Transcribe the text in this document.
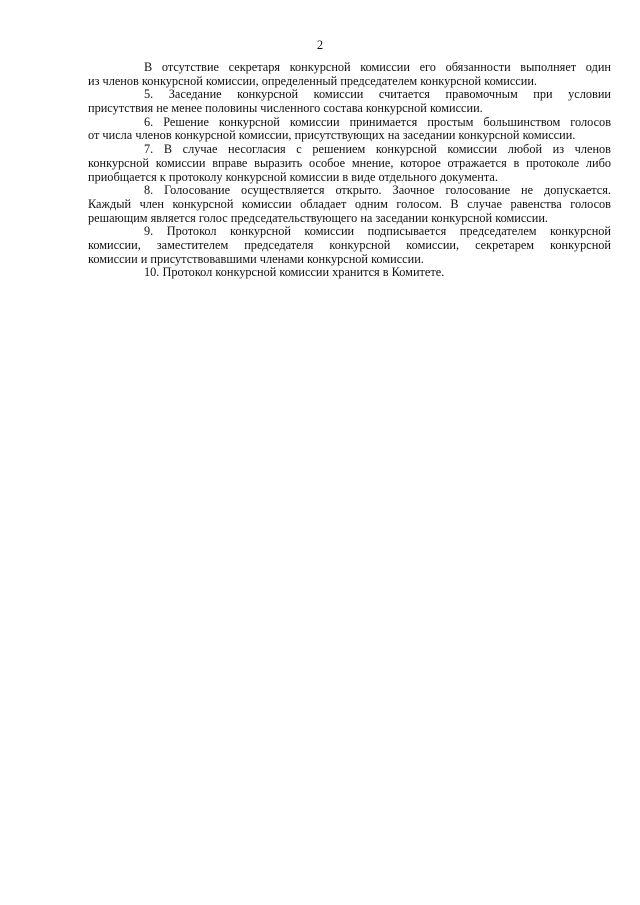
2
В отсутствие секретаря конкурсной комиссии его обязанности выполняет один
из членов конкурсной комиссии, определенный председателем конкурсной комиссии.
5. Заседание конкурсной комиссии считается правомочным при условии
присутствия не менее половины численного состава конкурсной комиссии.
6. Решение конкурсной комиссии принимается простым большинством голосов
от числа членов конкурсной комиссии, присутствующих на заседании конкурсной комиссии.
7. В случае несогласия с решением конкурсной комиссии любой из членов
конкурсной комиссии вправе выразить особое мнение, которое отражается в протоколе либо
приобщается к протоколу конкурсной комиссии в виде отдельного документа.
8. Голосование осуществляется открыто. Заочное голосование не допускается.
Каждый член конкурсной комиссии обладает одним голосом. В случае равенства голосов
решающим является голос председательствующего на заседании конкурсной комиссии.
9. Протокол конкурсной комиссии подписывается председателем конкурсной
комиссии, заместителем председателя конкурсной комиссии, секретарем конкурсной
комиссии и присутствовавшими членами конкурсной комиссии.
10. Протокол конкурсной комиссии хранится в Комитете.
